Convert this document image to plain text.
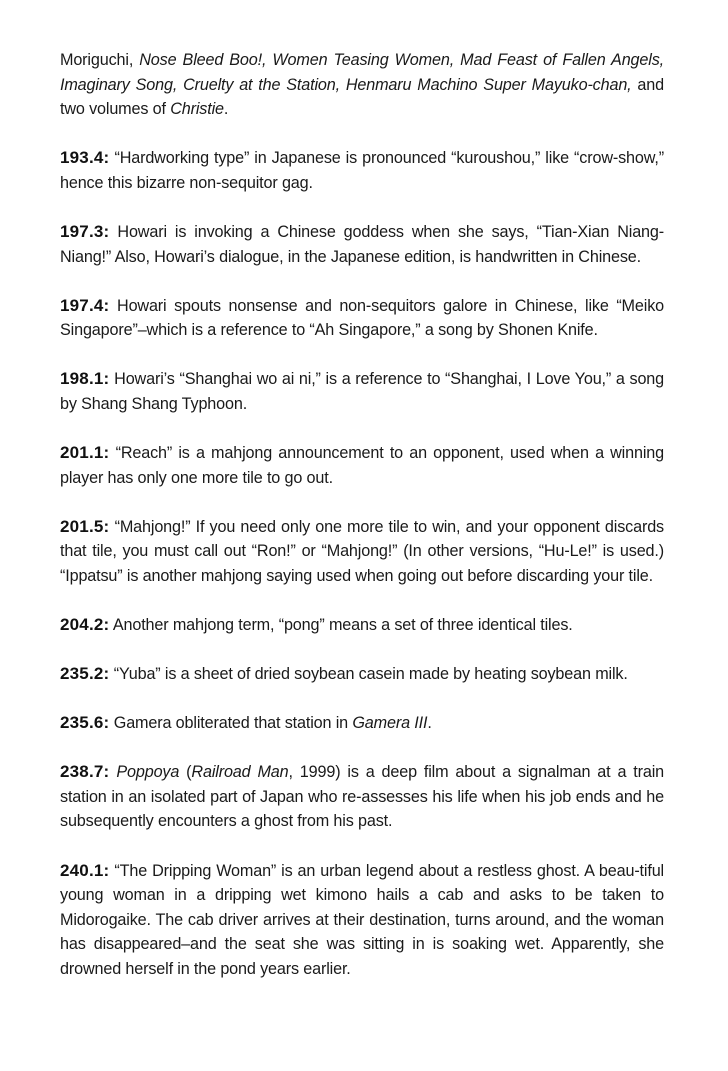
Moriguchi, Nose Bleed Boo!, Women Teasing Women, Mad Feast of Fallen Angels, Imaginary Song, Cruelty at the Station, Henmaru Machino Super Mayuko-chan, and two volumes of Christie.

193.4: “Hardworking type” in Japanese is pronounced “kuroushou,” like “crow-show,” hence this bizarre non-sequitor gag.

197.3: Howari is invoking a Chinese goddess when she says, “Tian-Xian Niang-Niang!” Also, Howari’s dialogue, in the Japanese edition, is handwritten in Chinese.

197.4: Howari spouts nonsense and non-sequitors galore in Chinese, like “Meiko Singapore”–which is a reference to “Ah Singapore,” a song by Shonen Knife.

198.1: Howari’s “Shanghai wo ai ni,” is a reference to “Shanghai, I Love You,” a song by Shang Shang Typhoon.

201.1: “Reach” is a mahjong announcement to an opponent, used when a winning player has only one more tile to go out.

201.5: “Mahjong!” If you need only one more tile to win, and your opponent discards that tile, you must call out “Ron!” or “Mahjong!” (In other versions, “Hu-Le!” is used.) “Ippatsu” is another mahjong saying used when going out before discarding your tile.

204.2: Another mahjong term, “pong” means a set of three identical tiles.

235.2: “Yuba” is a sheet of dried soybean casein made by heating soybean milk.

235.6: Gamera obliterated that station in Gamera III.

238.7: Poppoya (Railroad Man, 1999) is a deep film about a signalman at a train station in an isolated part of Japan who re-assesses his life when his job ends and he subsequently encounters a ghost from his past.

240.1: “The Dripping Woman” is an urban legend about a restless ghost. A beau-tiful young woman in a dripping wet kimono hails a cab and asks to be taken to Midorogaike. The cab driver arrives at their destination, turns around, and the woman has disappeared–and the seat she was sitting in is soaking wet. Apparently, she drowned herself in the pond years earlier.
